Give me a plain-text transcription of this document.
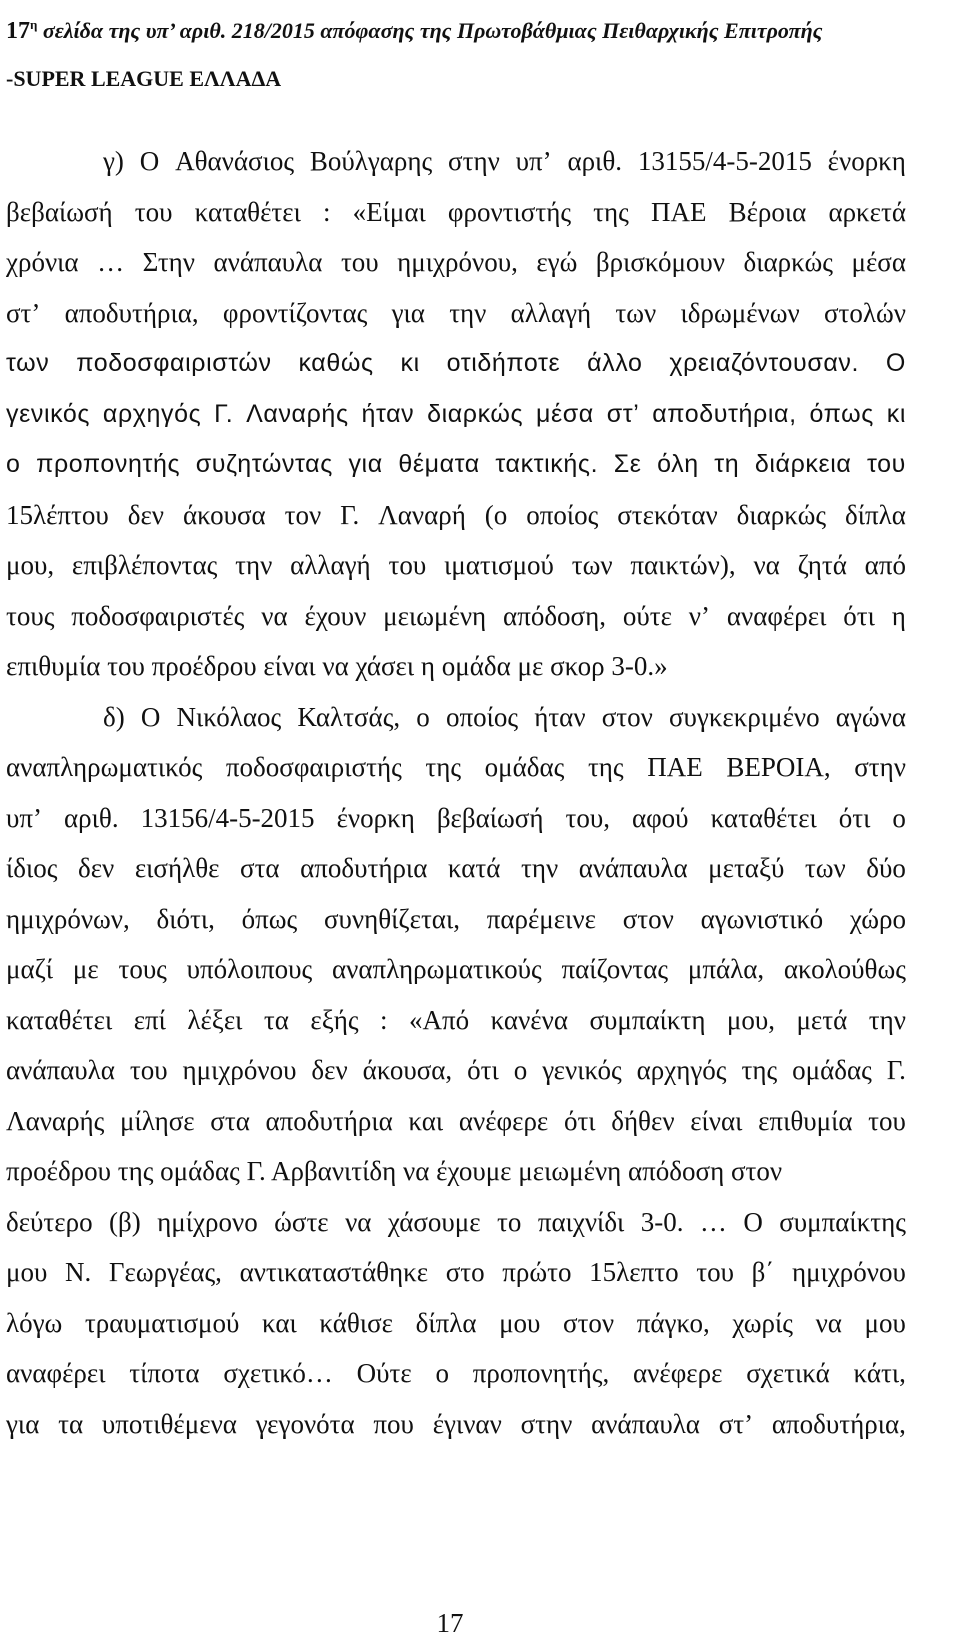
$17^\eta$ σελίδα της υπ’ αριθ. 218/2015 απόφασης της Πρωτοβάθμιας Πειθαρχικής Επιτροπής
-SUPER LEAGUE ΕΛΛΑΔΑ
γ) Ο Αθανάσιος Βούλγαρης στην υπ’ αριθ. 13155/4-5-2015 ένορκη
βεβαίωσή του καταθέτει : «Είμαι φροντιστής της ΠΑΕ Βέροια αρκετά
χρόνια … Στην ανάπαυλα του ημιχρόνου, εγώ βρισκόμουν διαρκώς μέσα
στ’ αποδυτήρια, φροντίζοντας για την αλλαγή των ιδρωμένων στολών
των ποδοσφαιριστών καθώς κι οτιδήποτε άλλο χρειαζόντουσαν. Ο
γενικός αρχηγός Γ. Λαναρής ήταν διαρκώς μέσα στ’ αποδυτήρια, όπως κι
ο προπονητής συζητώντας για θέματα τακτικής. Σε όλη τη διάρκεια του
15λέπτου δεν άκουσα τον Γ. Λαναρή (ο οποίος στεκόταν διαρκώς δίπλα
μου, επιβλέποντας την αλλαγή του ιματισμού των παικτών), να ζητά από
τους ποδοσφαιριστές να έχουν μειωμένη απόδοση, ούτε ν’ αναφέρει ότι η
επιθυμία του προέδρου είναι να χάσει η ομάδα με σκορ 3-0.»
δ) Ο Νικόλαος Καλτσάς, ο οποίος ήταν στον συγκεκριμένο αγώνα
αναπληρωματικός ποδοσφαιριστής της ομάδας της ΠΑΕ ΒΕΡΟΙΑ, στην
υπ’ αριθ. 13156/4-5-2015 ένορκη βεβαίωσή του, αφού καταθέτει ότι ο
ίδιος δεν εισήλθε στα αποδυτήρια κατά την ανάπαυλα μεταξύ των δύο
ημιχρόνων, διότι, όπως συνηθίζεται, παρέμεινε στον αγωνιστικό χώρο
μαζί με τους υπόλοιπους αναπληρωματικούς παίζοντας μπάλα, ακολούθως
καταθέτει επί λέξει τα εξής : «Από κανένα συμπαίκτη μου, μετά την
ανάπαυλα του ημιχρόνου δεν άκουσα, ότι ο γενικός αρχηγός της ομάδας Γ.
Λαναρής μίλησε στα αποδυτήρια και ανέφερε ότι δήθεν είναι επιθυμία του
προέδρου της ομάδας Γ. Αρβανιτίδη να έχουμε μειωμένη απόδοση στον
δεύτερο (β) ημίχρονο ώστε να χάσουμε το παιχνίδι 3-0. … Ο συμπαίκτης
μου Ν. Γεωργέας, αντικαταστάθηκε στο πρώτο 15λεπτο του β΄ ημιχρόνου
λόγω τραυματισμού και κάθισε δίπλα μου στον πάγκο, χωρίς να μου
αναφέρει τίποτα σχετικό… Ούτε ο προπονητής, ανέφερε σχετικά κάτι,
για τα υποτιθέμενα γεγονότα που έγιναν στην ανάπαυλα στ’ αποδυτήρια,
17
